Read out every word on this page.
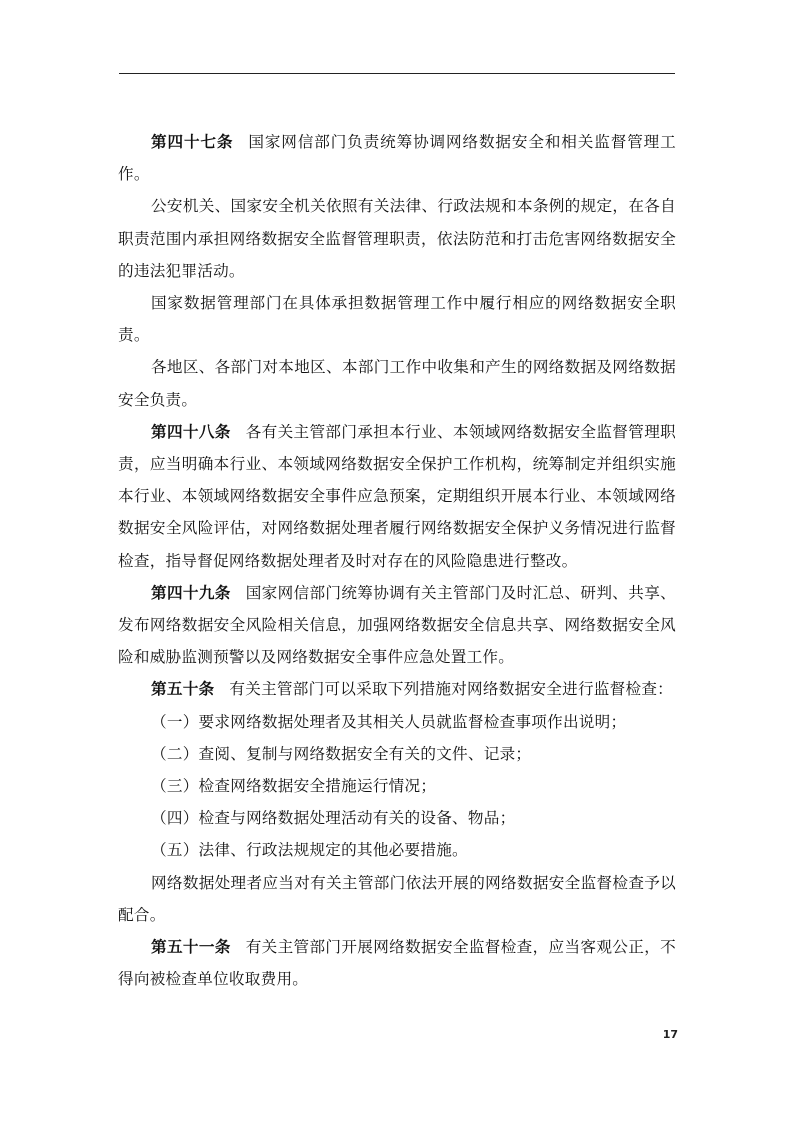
第四十七条 国家网信部门负责统筹协调网络数据安全和相关监督管理工作。

公安机关、国家安全机关依照有关法律、行政法规和本条例的规定，在各自职责范围内承担网络数据安全监督管理职责，依法防范和打击危害网络数据安全的违法犯罪活动。

国家数据管理部门在具体承担数据管理工作中履行相应的网络数据安全职责。

各地区、各部门对本地区、本部门工作中收集和产生的网络数据及网络数据安全负责。

第四十八条 各有关主管部门承担本行业、本领域网络数据安全监督管理职责，应当明确本行业、本领域网络数据安全保护工作机构，统筹制定并组织实施本行业、本领域网络数据安全事件应急预案，定期组织开展本行业、本领域网络数据安全风险评估，对网络数据处理者履行网络数据安全保护义务情况进行监督检查，指导督促网络数据处理者及时对存在的风险隐患进行整改。

第四十九条 国家网信部门统筹协调有关主管部门及时汇总、研判、共享、发布网络数据安全风险相关信息，加强网络数据安全信息共享、网络数据安全风险和威胁监测预警以及网络数据安全事件应急处置工作。

第五十条 有关主管部门可以采取下列措施对网络数据安全进行监督检查：

（一）要求网络数据处理者及其相关人员就监督检查事项作出说明；

（二）查阅、复制与网络数据安全有关的文件、记录；

（三）检查网络数据安全措施运行情况；

（四）检查与网络数据处理活动有关的设备、物品；

（五）法律、行政法规规定的其他必要措施。

网络数据处理者应当对有关主管部门依法开展的网络数据安全监督检查予以配合。

第五十一条 有关主管部门开展网络数据安全监督检查，应当客观公正，不得向被检查单位收取费用。

17
